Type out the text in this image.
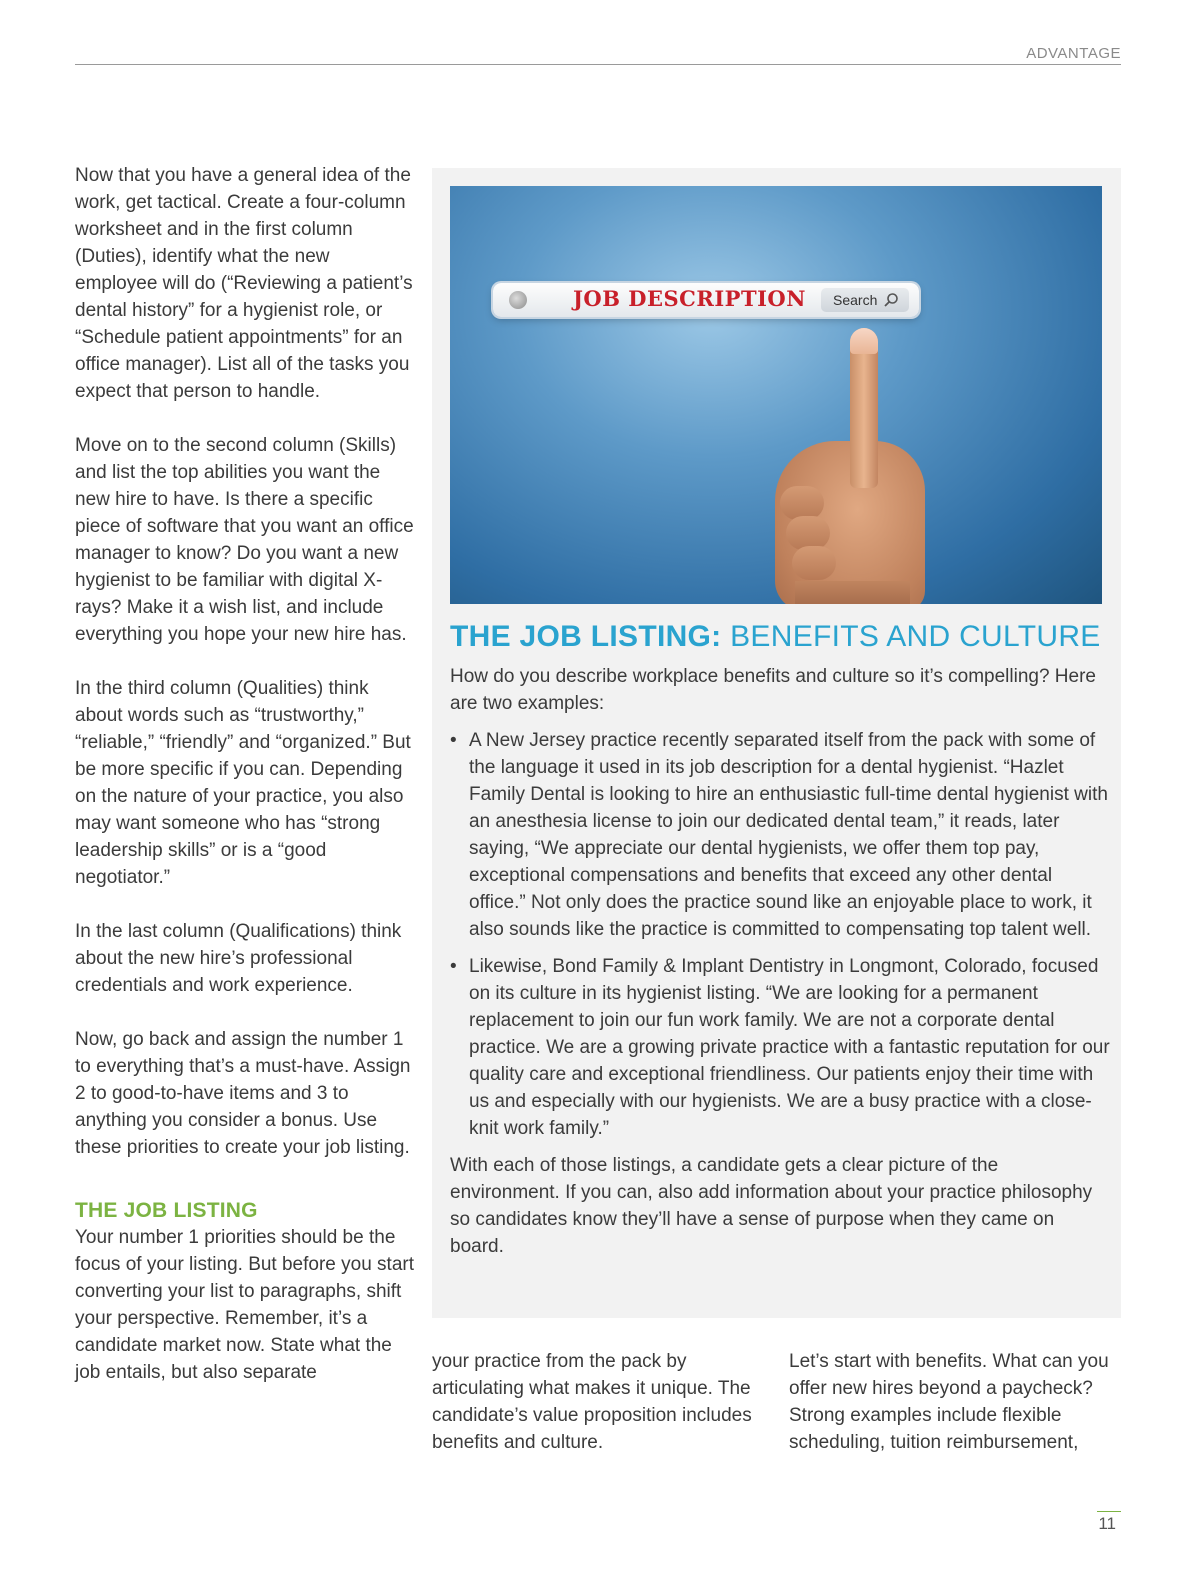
ADVANTAGE

Now that you have a general idea of the work, get tactical. Create a four-column worksheet and in the first column (Duties), identify what the new employee will do (“Reviewing a patient’s dental history” for a hygienist role, or “Schedule patient appointments” for an office manager). List all of the tasks you expect that person to handle.

Move on to the second column (Skills) and list the top abilities you want the new hire to have. Is there a specific piece of software that you want an office manager to know? Do you want a new hygienist to be familiar with digital X-rays? Make it a wish list, and include everything you hope your new hire has.

In the third column (Qualities) think about words such as “trustworthy,” “reliable,” “friendly” and “organized.” But be more specific if you can. Depending on the nature of your practice, you also may want someone who has “strong leadership skills” or is a “good negotiator.”

In the last column (Qualifications) think about the new hire’s professional credentials and work experience.

Now, go back and assign the number 1 to everything that’s a must-have. Assign 2 to good-to-have items and 3 to anything you consider a bonus. Use these priorities to create your job listing.

THE JOB LISTING

Your number 1 priorities should be the focus of your listing. But before you start converting your list to paragraphs, shift your perspective. Remember, it’s a candidate market now. State what the job entails, but also separate

JOB DESCRIPTION	Search
THE JOB LISTING: BENEFITS AND CULTURE

How do you describe workplace benefits and culture so it’s compelling? Here are two examples:

• A New Jersey practice recently separated itself from the pack with some of the language it used in its job description for a dental hygienist. “Hazlet Family Dental is looking to hire an enthusiastic full-time dental hygienist with an anesthesia license to join our dedicated dental team,” it reads, later saying, “We appreciate our dental hygienists, we offer them top pay, exceptional compensations and benefits that exceed any other dental office.” Not only does the practice sound like an enjoyable place to work, it also sounds like the practice is committed to compensating top talent well.
• Likewise, Bond Family & Implant Dentistry in Longmont, Colorado, focused on its culture in its hygienist listing. “We are looking for a permanent replacement to join our fun work family. We are not a corporate dental practice. We are a growing private practice with a fantastic reputation for our quality care and exceptional friendliness. Our patients enjoy their time with us and especially with our hygienists. We are a busy practice with a close-knit work family.”

With each of those listings, a candidate gets a clear picture of the environment. If you can, also add information about your practice philosophy so candidates know they’ll have a sense of purpose when they came on board.

your practice from the pack by articulating what makes it unique. The candidate’s value proposition includes benefits and culture.

Let’s start with benefits. What can you offer new hires beyond a paycheck? Strong examples include flexible scheduling, tuition reimbursement,

11
